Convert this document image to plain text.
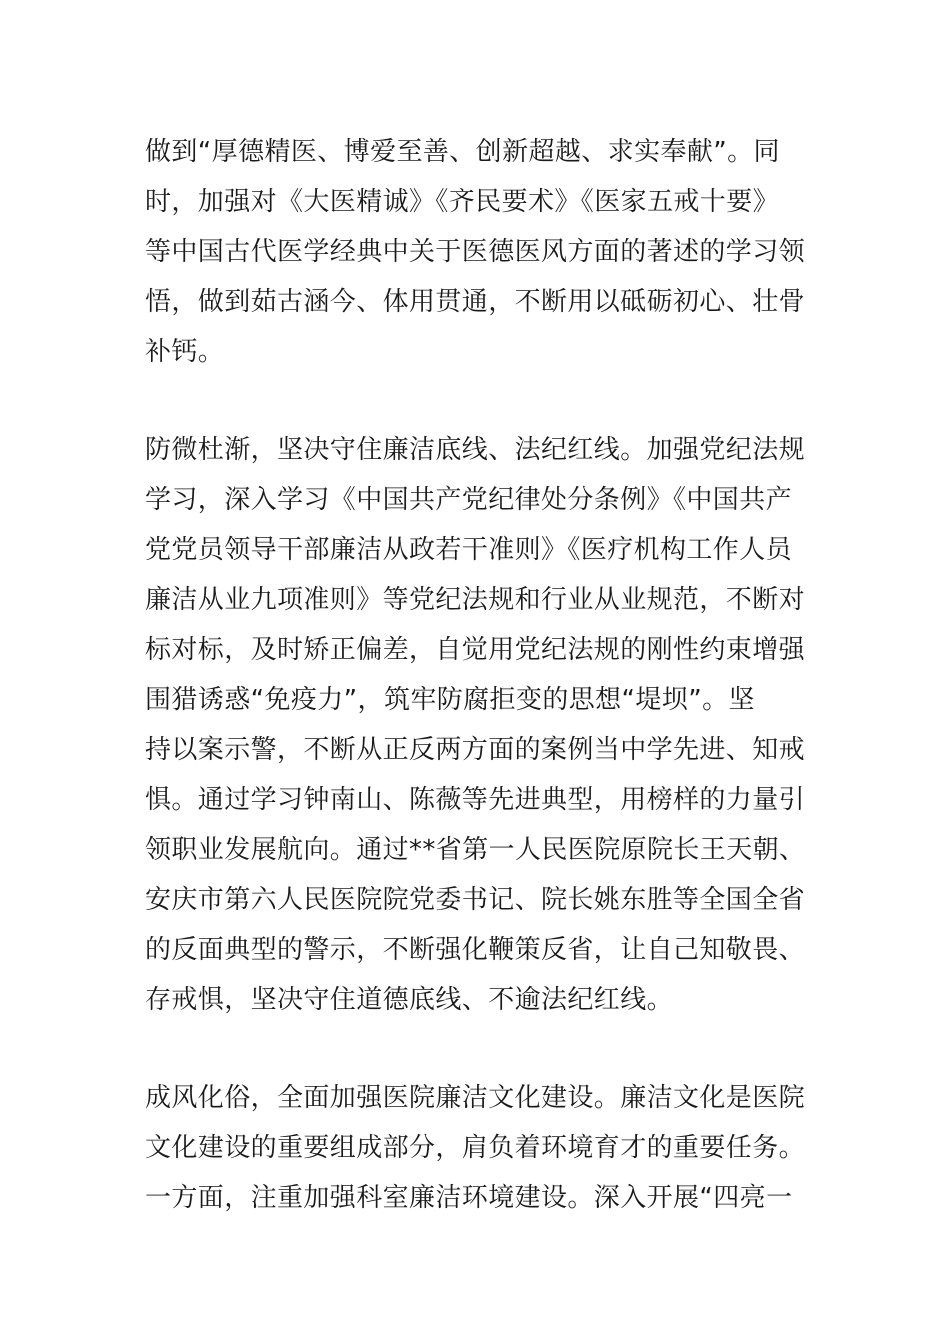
做到“厚德精医、博爱至善、创新超越、求实奉献”。同
时，加强对《大医精诚》《齐民要术》《医家五戒十要》
等中国古代医学经典中关于医德医风方面的著述的学习领
悟，做到茹古涵今、体用贯通，不断用以砥砺初心、壮骨
补钙。
防微杜渐，坚决守住廉洁底线、法纪红线。加强党纪法规
学习，深入学习《中国共产党纪律处分条例》《中国共产
党党员领导干部廉洁从政若干准则》《医疗机构工作人员
廉洁从业九项准则》等党纪法规和行业从业规范，不断对
标对标，及时矫正偏差，自觉用党纪法规的刚性约束增强
围猎诱惑“免疫力”，筑牢防腐拒变的思想“堤坝”。坚
持以案示警，不断从正反两方面的案例当中学先进、知戒
惧。通过学习钟南山、陈薇等先进典型，用榜样的力量引
领职业发展航向。通过**省第一人民医院原院长王天朝、
安庆市第六人民医院院党委书记、院长姚东胜等全国全省
的反面典型的警示，不断强化鞭策反省，让自己知敬畏、
存戒惧，坚决守住道德底线、不逾法纪红线。
成风化俗，全面加强医院廉洁文化建设。廉洁文化是医院
文化建设的重要组成部分，肩负着环境育才的重要任务。
一方面，注重加强科室廉洁环境建设。深入开展“四亮一
